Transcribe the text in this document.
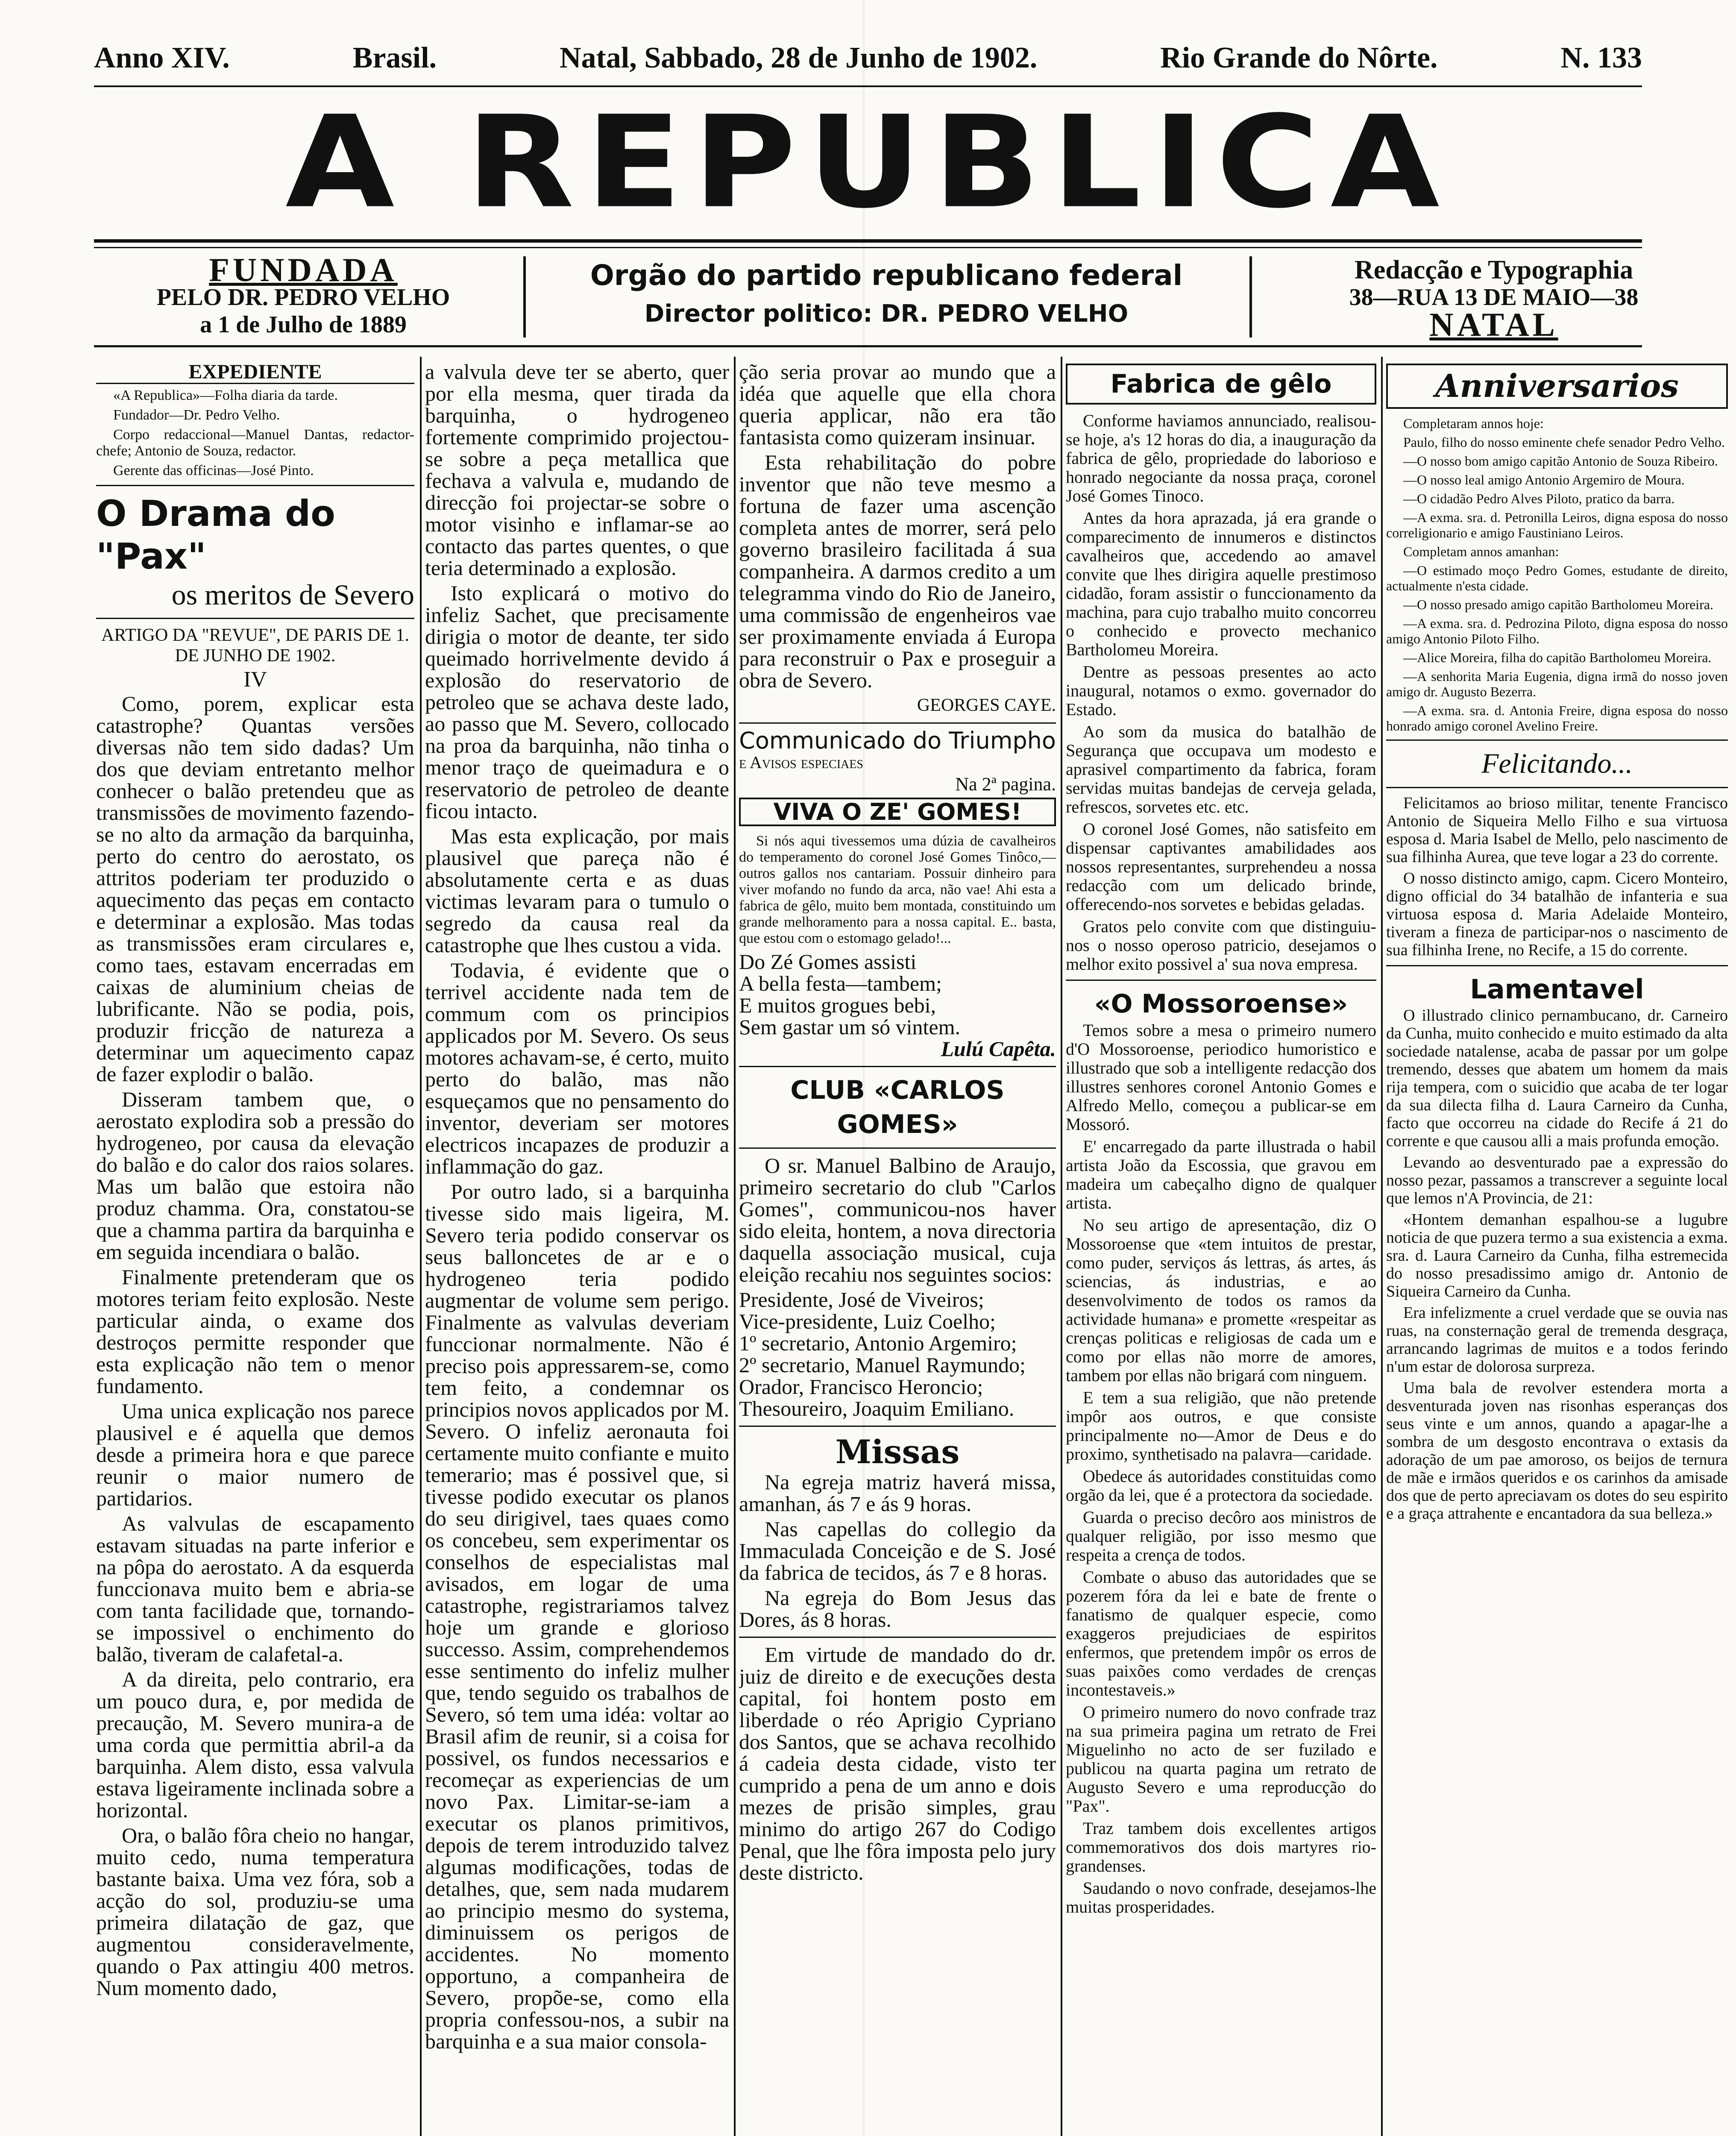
Anno XIV.	Brasil.	Natal, Sabbado, 28 de Junho de 1902.	Rio Grande do Nôrte.	N. 133
A REPUBLICA
FUNDADA
PELO DR. PEDRO VELHO
a 1 de Julho de 1889
Orgão do partido republicano federal
Director politico: DR. PEDRO VELHO
Redacção e Typographia
38—RUA 13 DE MAIO—38
NATAL
EXPEDIENTE

«A Republica»—Folha diaria da tarde.

Fundador—Dr. Pedro Velho.

Corpo redaccional—Manuel Dantas, redactor-chefe; Antonio de Souza, redactor.

Gerente das officinas—José Pinto.

O Drama do "Pax"
os meritos de Severo
ARTIGO DA "REVUE", DE PARIS DE 1. DE JUNHO DE 1902.
IV

Como, porem, explicar esta catastrophe? Quantas versões diversas não tem sido dadas? Um dos que deviam entretanto melhor conhecer o balão pretendeu que as transmissões de movimento fazendo-se no alto da armação da barquinha, perto do centro do aerostato, os attritos poderiam ter produzido o aquecimento das peças em contacto e determinar a explosão. Mas todas as transmissões eram circulares e, como taes, estavam encerradas em caixas de aluminium cheias de lubrificante. Não se podia, pois, produzir fricção de natureza a determinar um aquecimento capaz de fazer explodir o balão.

Disseram tambem que, o aerostato explodira sob a pressão do hydrogeneo, por causa da elevação do balão e do calor dos raios solares. Mas um balão que estoira não produz chamma. Ora, constatou-se que a chamma partira da barquinha e em seguida incendiara o balão.

Finalmente pretenderam que os motores teriam feito explosão. Neste particular ainda, o exame dos destroços permitte responder que esta explicação não tem o menor fundamento.

Uma unica explicação nos parece plausivel e é aquella que demos desde a primeira hora e que parece reunir o maior numero de partidarios.

As valvulas de escapamento estavam situadas na parte inferior e na pôpa do aerostato. A da esquerda funccionava muito bem e abria-se com tanta facilidade que, tornando-se impossivel o enchimento do balão, tiveram de calafetal-a.

A da direita, pelo contrario, era um pouco dura, e, por medida de precaução, M. Severo munira-a de uma corda que permittia abril-a da barquinha. Alem disto, essa valvula estava ligeiramente inclinada sobre a horizontal.

Ora, o balão fôra cheio no hangar, muito cedo, numa temperatura bastante baixa. Uma vez fóra, sob a acção do sol, produziu-se uma primeira dilatação de gaz, que augmentou consideravelmente, quando o Pax attingiu 400 metros. Num momento dado,

a valvula deve ter se aberto, quer por ella mesma, quer tirada da barquinha, o hydrogeneo fortemente comprimido projectou-se sobre a peça metallica que fechava a valvula e, mudando de direcção foi projectar-se sobre o motor visinho e inflamar-se ao contacto das partes quentes, o que teria determinado a explosão.

Isto explicará o motivo do infeliz Sachet, que precisamente dirigia o motor de deante, ter sido queimado horrivelmente devido á explosão do reservatorio de petroleo que se achava deste lado, ao passo que M. Severo, collocado na proa da barquinha, não tinha o menor traço de queimadura e o reservatorio de petroleo de deante ficou intacto.

Mas esta explicação, por mais plausivel que pareça não é absolutamente certa e as duas victimas levaram para o tumulo o segredo da causa real da catastrophe que lhes custou a vida.

Todavia, é evidente que o terrivel accidente nada tem de commum com os principios applicados por M. Severo. Os seus motores achavam-se, é certo, muito perto do balão, mas não esqueçamos que no pensamento do inventor, deveriam ser motores electricos incapazes de produzir a inflammação do gaz.

Por outro lado, si a barquinha tivesse sido mais ligeira, M. Severo teria podido conservar os seus balloncetes de ar e o hydrogeneo teria podido augmentar de volume sem perigo. Finalmente as valvulas deveriam funccionar normalmente. Não é preciso pois appressarem-se, como tem feito, a condemnar os principios novos applicados por M. Severo. O infeliz aeronauta foi certamente muito confiante e muito temerario; mas é possivel que, si tivesse podido executar os planos do seu dirigivel, taes quaes como os concebeu, sem experimentar os conselhos de especialistas mal avisados, em logar de uma catastrophe, registrariamos talvez hoje um grande e glorioso successo. Assim, comprehendemos esse sentimento do infeliz mulher que, tendo seguido os trabalhos de Severo, só tem uma idéa: voltar ao Brasil afim de reunir, si a coisa for possivel, os fundos necessarios e recomeçar as experiencias de um novo Pax. Limitar-se-iam a executar os planos primitivos, depois de terem introduzido talvez algumas modificações, todas de detalhes, que, sem nada mudarem ao principio mesmo do systema, diminuissem os perigos de accidentes. No momento opportuno, a companheira de Severo, propõe-se, como ella propria confessou-nos, a subir na barquinha e a sua maior consola-

ção seria provar ao mundo que a idéa que aquelle que ella chora queria applicar, não era tão fantasista como quizeram insinuar.

Esta rehabilitação do pobre inventor que não teve mesmo a fortuna de fazer uma ascenção completa antes de morrer, será pelo governo brasileiro facilitada á sua companheira. A darmos credito a um telegramma vindo do Rio de Janeiro, uma commissão de engenheiros vae ser proximamente enviada á Europa para reconstruir o Pax e proseguir a obra de Severo.

GEORGES CAYE.
Communicado do Triumpho
e Avisos especiaes
Na 2ª pagina.
VIVA O ZE' GOMES!

Si nós aqui tivessemos uma dúzia de cavalheiros do temperamento do coronel José Gomes Tinôco,—outros gallos nos cantariam. Possuir dinheiro para viver mofando no fundo da arca, não vae! Ahi esta a fabrica de gêlo, muito bem montada, constituindo um grande melhoramento para a nossa capital. E.. basta, que estou com o estomago gelado!...

Do Zé Gomes assisti
A bella festa—tambem;
E muitos grogues bebi,
Sem gastar um só vintem.
Lulú Capêta.
CLUB «CARLOS GOMES»

O sr. Manuel Balbino de Araujo, primeiro secretario do club "Carlos Gomes", communicou-nos haver sido eleita, hontem, a nova directoria daquella associação musical, cuja eleição recahiu nos seguintes socios:

Presidente, José de Viveiros;
Vice-presidente, Luiz Coelho;
1º secretario, Antonio Argemiro;
2º secretario, Manuel Raymundo;
Orador, Francisco Heroncio;
Thesoureiro, Joaquim Emiliano.
Missas

Na egreja matriz haverá missa, amanhan, ás 7 e ás 9 horas.

Nas capellas do collegio da Immaculada Conceição e de S. José da fabrica de tecidos, ás 7 e 8 horas.

Na egreja do Bom Jesus das Dores, ás 8 horas.

Em virtude de mandado do dr. juiz de direito e de execuções desta capital, foi hontem posto em liberdade o réo Aprigio Cypriano dos Santos, que se achava recolhido á cadeia desta cidade, visto ter cumprido a pena de um anno e dois mezes de prisão simples, grau minimo do artigo 267 do Codigo Penal, que lhe fôra imposta pelo jury deste districto.

Fabrica de gêlo

Conforme haviamos annunciado, realisou-se hoje, a's 12 horas do dia, a inauguração da fabrica de gêlo, propriedade do laborioso e honrado negociante da nossa praça, coronel José Gomes Tinoco.

Antes da hora aprazada, já era grande o comparecimento de innumeros e distinctos cavalheiros que, accedendo ao amavel convite que lhes dirigira aquelle prestimoso cidadão, foram assistir o funccionamento da machina, para cujo trabalho muito concorreu o conhecido e provecto mechanico Bartholomeu Moreira.

Dentre as pessoas presentes ao acto inaugural, notamos o exmo. governador do Estado.

Ao som da musica do batalhão de Segurança que occupava um modesto e aprasivel compartimento da fabrica, foram servidas muitas bandejas de cerveja gelada, refrescos, sorvetes etc. etc.

O coronel José Gomes, não satisfeito em dispensar captivantes amabilidades aos nossos representantes, surprehendeu a nossa redacção com um delicado brinde, offerecendo-nos sorvetes e bebidas geladas.

Gratos pelo convite com que distinguiu-nos o nosso operoso patricio, desejamos o melhor exito possivel a' sua nova empresa.

«O Mossoroense»

Temos sobre a mesa o primeiro numero d'O Mossoroense, periodico humoristico e illustrado que sob a intelligente redacção dos illustres senhores coronel Antonio Gomes e Alfredo Mello, começou a publicar-se em Mossoró.

E' encarregado da parte illustrada o habil artista João da Escossia, que gravou em madeira um cabeçalho digno de qualquer artista.

No seu artigo de apresentação, diz O Mossoroense que «tem intuitos de prestar, como puder, serviços ás lettras, ás artes, ás sciencias, ás industrias, e ao desenvolvimento de todos os ramos da actividade humana» e promette «respeitar as crenças politicas e religiosas de cada um e como por ellas não morre de amores, tambem por ellas não brigará com ninguem.

E tem a sua religião, que não pretende impôr aos outros, e que consiste principalmente no—Amor de Deus e do proximo, synthetisado na palavra—caridade.

Obedece ás autoridades constituidas como orgão da lei, que é a protectora da sociedade.

Guarda o preciso decôro aos ministros de qualquer religião, por isso mesmo que respeita a crença de todos.

Combate o abuso das autoridades que se pozerem fóra da lei e bate de frente o fanatismo de qualquer especie, como exaggeros prejudiciaes de espiritos enfermos, que pretendem impôr os erros de suas paixões como verdades de crenças incontestaveis.»

O primeiro numero do novo confrade traz na sua primeira pagina um retrato de Frei Miguelinho no acto de ser fuzilado e publicou na quarta pagina um retrato de Augusto Severo e uma reproducção do "Pax".

Traz tambem dois excellentes artigos commemorativos dos dois martyres rio-grandenses.

Saudando o novo confrade, desejamos-lhe muitas prosperidades.

Anniversarios

Completaram annos hoje:

Paulo, filho do nosso eminente chefe senador Pedro Velho.

—O nosso bom amigo capitão Antonio de Souza Ribeiro.

—O nosso leal amigo Antonio Argemiro de Moura.

—O cidadão Pedro Alves Piloto, pratico da barra.

—A exma. sra. d. Petronilla Leiros, digna esposa do nosso correligionario e amigo Faustiniano Leiros.

Completam annos amanhan:

—O estimado moço Pedro Gomes, estudante de direito, actualmente n'esta cidade.

—O nosso presado amigo capitão Bartholomeu Moreira.

—A exma. sra. d. Pedrozina Piloto, digna esposa do nosso amigo Antonio Piloto Filho.

—Alice Moreira, filha do capitão Bartholomeu Moreira.

—A senhorita Maria Eugenia, digna irmã do nosso joven amigo dr. Augusto Bezerra.

—A exma. sra. d. Antonia Freire, digna esposa do nosso honrado amigo coronel Avelino Freire.

Felicitando...

Felicitamos ao brioso militar, tenente Francisco Antonio de Siqueira Mello Filho e sua virtuosa esposa d. Maria Isabel de Mello, pelo nascimento de sua filhinha Aurea, que teve logar a 23 do corrente.

O nosso distincto amigo, capm. Cicero Monteiro, digno official do 34 batalhão de infanteria e sua virtuosa esposa d. Maria Adelaide Monteiro, tiveram a fineza de participar-nos o nascimento de sua filhinha Irene, no Recife, a 15 do corrente.

Lamentavel

O illustrado clinico pernambucano, dr. Carneiro da Cunha, muito conhecido e muito estimado da alta sociedade natalense, acaba de passar por um golpe tremendo, desses que abatem um homem da mais rija tempera, com o suicidio que acaba de ter logar da sua dilecta filha d. Laura Carneiro da Cunha, facto que occorreu na cidade do Recife á 21 do corrente e que causou alli a mais profunda emoção.

Levando ao desventurado pae a expressão do nosso pezar, passamos a transcrever a seguinte local que lemos n'A Provincia, de 21:

«Hontem demanhan espalhou-se a lugubre noticia de que puzera termo a sua existencia a exma. sra. d. Laura Carneiro da Cunha, filha estremecida do nosso presadissimo amigo dr. Antonio de Siqueira Carneiro da Cunha.

Era infelizmente a cruel verdade que se ouvia nas ruas, na consternação geral de tremenda desgraça, arrancando lagrimas de muitos e a todos ferindo n'um estar de dolorosa surpreza.

Uma bala de revolver estendera morta a desventurada joven nas risonhas esperanças dos seus vinte e um annos, quando a apagar-lhe a sombra de um desgosto encontrava o extasis da adoração de um pae amoroso, os beijos de ternura de mãe e irmãos queridos e os carinhos da amisade dos que de perto apreciavam os dotes do seu espirito e a graça attrahente e encantadora da sua belleza.»
